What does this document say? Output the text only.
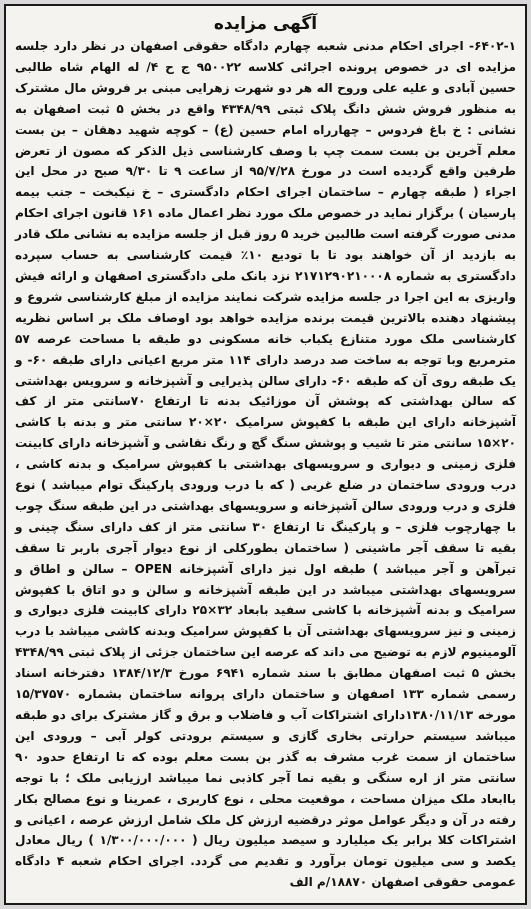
آگهی مزایده
۶۴۰۲-۱- اجرای احکام مدنی شعبه چهارم دادگاه حقوقی اصفهان در نظر دارد جلسه مزایده ای در خصوص پرونده اجرائی کلاسه ۹۵۰۰۲۲ ج ح ۴/ له الهام شاه طالبی حسین آبادی و علیه علی وروح اله هر دو شهرت زهرایی مبنی بر فروش مال مشترک به منظور فروش شش دانگ پلاک ثبتی ۴۳۴۸/۹۹ واقع در بخش ۵ ثبت اصفهان به نشانی : خ باغ فردوس – چهارراه امام حسین (ع) – کوچه شهید دهقان – بن بست معلم آخرین بن بست سمت چپ با وصف کارشناسی ذیل الذکر که مصون از تعرض طرفین واقع گردیده است در مورخ ۹۵/۷/۲۸ از ساعت ۹ تا ۹/۳۰ صبح در محل این اجراء ( طبقه چهارم – ساختمان اجرای احکام دادگستری – خ نیکبخت – جنب بیمه پارسیان ) برگزار نماید در خصوص ملک مورد نظر اعمال ماده ۱۶۱ قانون اجرای احکام مدنی صورت گرفته است طالبین خرید ۵ روز قبل از جلسه مزایده به نشانی ملک قادر به بازدید از آن خواهند بود تا با تودیع ۱۰٪ قیمت کارشناسی به حساب سپرده دادگستری به شماره ۲۱۷۱۲۹۰۲۱۰۰۰۸ نزد بانک ملی دادگستری اصفهان و ارائه فیش واریزی به این اجرا در جلسه مزایده شرکت نمایند مزایده از مبلغ کارشناسی شروع و پیشنهاد دهنده بالاترین قیمت برنده مزایده خواهد بود اوصاف ملک بر اساس نظریه کارشناسی ملک مورد متنازع یکباب خانه مسکونی دو طبقه با مساحت عرصه ۵۷ مترمربع وبا توجه به ساخت صد درصد دارای ۱۱۴ متر مربع اعیانی دارای طبقه ۶۰- و یک طبقه روی آن که طبقه ۶۰- دارای سالن پذیرایی و آشپزخانه و سرویس بهداشتی که سالن بهداشتی که پوشش آن موزائیک بدنه تا ارتفاع ۷۰سانتی متر از کف آشپزخانه دارای این طبقه با کفپوش سرامیک ۲۰×۲۰ سانتی متر و بدنه با کاشی ۲۰×۱۵ سانتی متر تا شیب و پوشش سنگ گچ و رنگ نقاشی و آشپزخانه دارای کابینت فلزی زمینی و دیواری و سرویسهای بهداشتی با کفپوش سرامیک و بدنه کاشی ، درب ورودی ساختمان در ضلع غربی ( که با درب ورودی پارکینگ توام میباشد ) نوع فلزی و درب ورودی سالن آشپزخانه و سرویسهای بهداشتی در این طبقه سنگ چوب با چهارچوب فلزی – و پارکینگ تا ارتفاع ۳۰ سانتی متر از کف دارای سنگ چینی و بقیه تا سقف آجر ماشینی ( ساختمان بطورکلی از نوع دیوار آجری باربر تا سقف تیرآهن و آجر میباشد ) طبقه اول نیز دارای آشپزخانه OPEN – سالن و اطاق و سرویسهای بهداشتی میباشد در این طبقه آشپزخانه و سالن و دو اتاق با کفپوش سرامیک و بدنه آشپزخانه با کاشی سفید بابعاد ۳۲×۲۵ دارای کابینت فلزی دیواری و زمینی و نیز سرویسهای بهداشتی آن با کفپوش سرامیک وبدنه کاشی میباشد با درب آلومینیوم لازم به توضیح می داند که عرصه این ساختمان جزئی از پلاک ثبتی ۴۳۴۸/۹۹ بخش ۵ ثبت اصفهان مطابق با سند شماره ۶۹۴۱ مورخ ۱۳۸۴/۱۲/۳ دفترخانه اسناد رسمی شماره ۱۳۳ اصفهان و ساختمان دارای پروانه ساختمان بشماره ۱۵/۳۷۵۷۰ مورخه ۱۳۸۰/۱۱/۱۳دارای اشتراکات آب و فاضلاب و برق و گاز مشترک برای دو طبقه میباشد سیستم حرارتی بخاری گازی و سیستم برودتی کولر آبی – ورودی این ساختمان از سمت غرب مشرف به گذر بن بست معلم بوده که تا ارتفاع حدود ۹۰ سانتی متر از اره سنگی و بقیه نما آجر کاذبی نما میباشد ارزیابی ملک ؛ با توجه باابعاد ملک میزان مساحت ، موقعیت محلی ، نوع کاربری ، عمرینا و نوع مصالح بکار رفته در آن و دیگر عوامل موثر درقضیه ارزش کل ملک شامل ارزش عرصه ، اعیانی و اشتراکات کلا برابر یک میلیارد و سیصد میلیون ریال ( ۱/۳۰۰/۰۰۰/۰۰۰ ) ریال معادل یکصد و سی میلیون تومان برآورد و تقدیم می گردد. اجرای احکام شعبه ۴ دادگاه عمومی حقوقی اصفهان ۱۸۸۷۰/م الف
